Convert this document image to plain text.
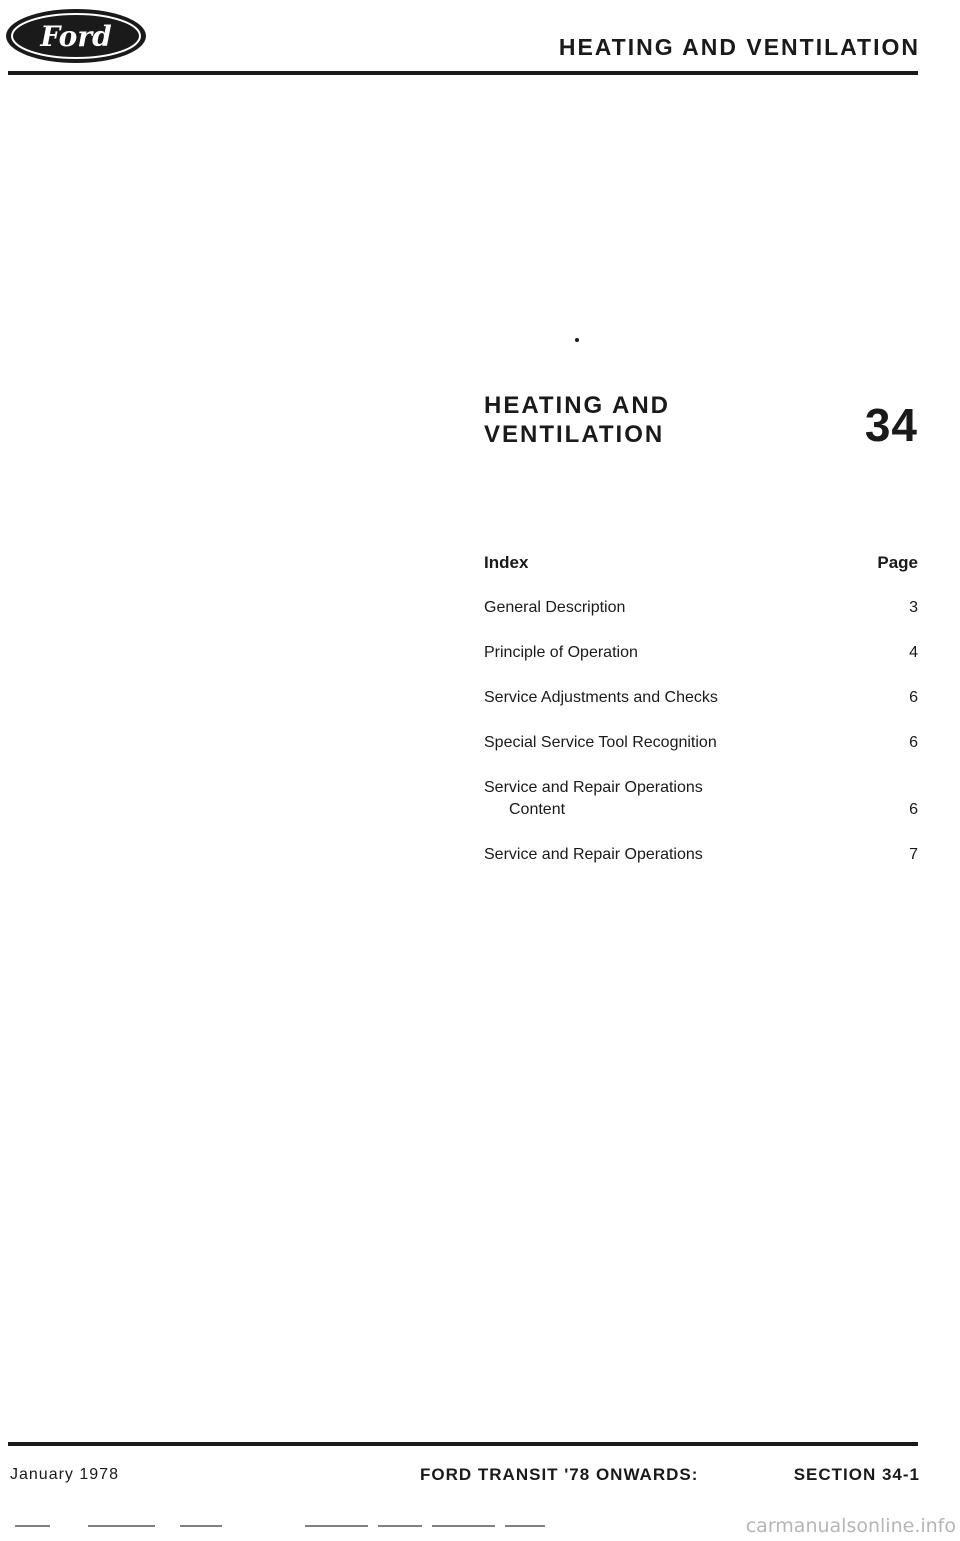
Ford	HEATING AND VENTILATION
HEATING AND
VENTILATION	34
Index	Page
General Description	3
Principle of Operation	4
Service Adjustments and Checks	6
Special Service Tool Recognition	6
Service and Repair Operations
Content	6
Service and Repair Operations	7
January 1978	FORD TRANSIT '78 ONWARDS:	SECTION 34-1
carmanualsonline.info
